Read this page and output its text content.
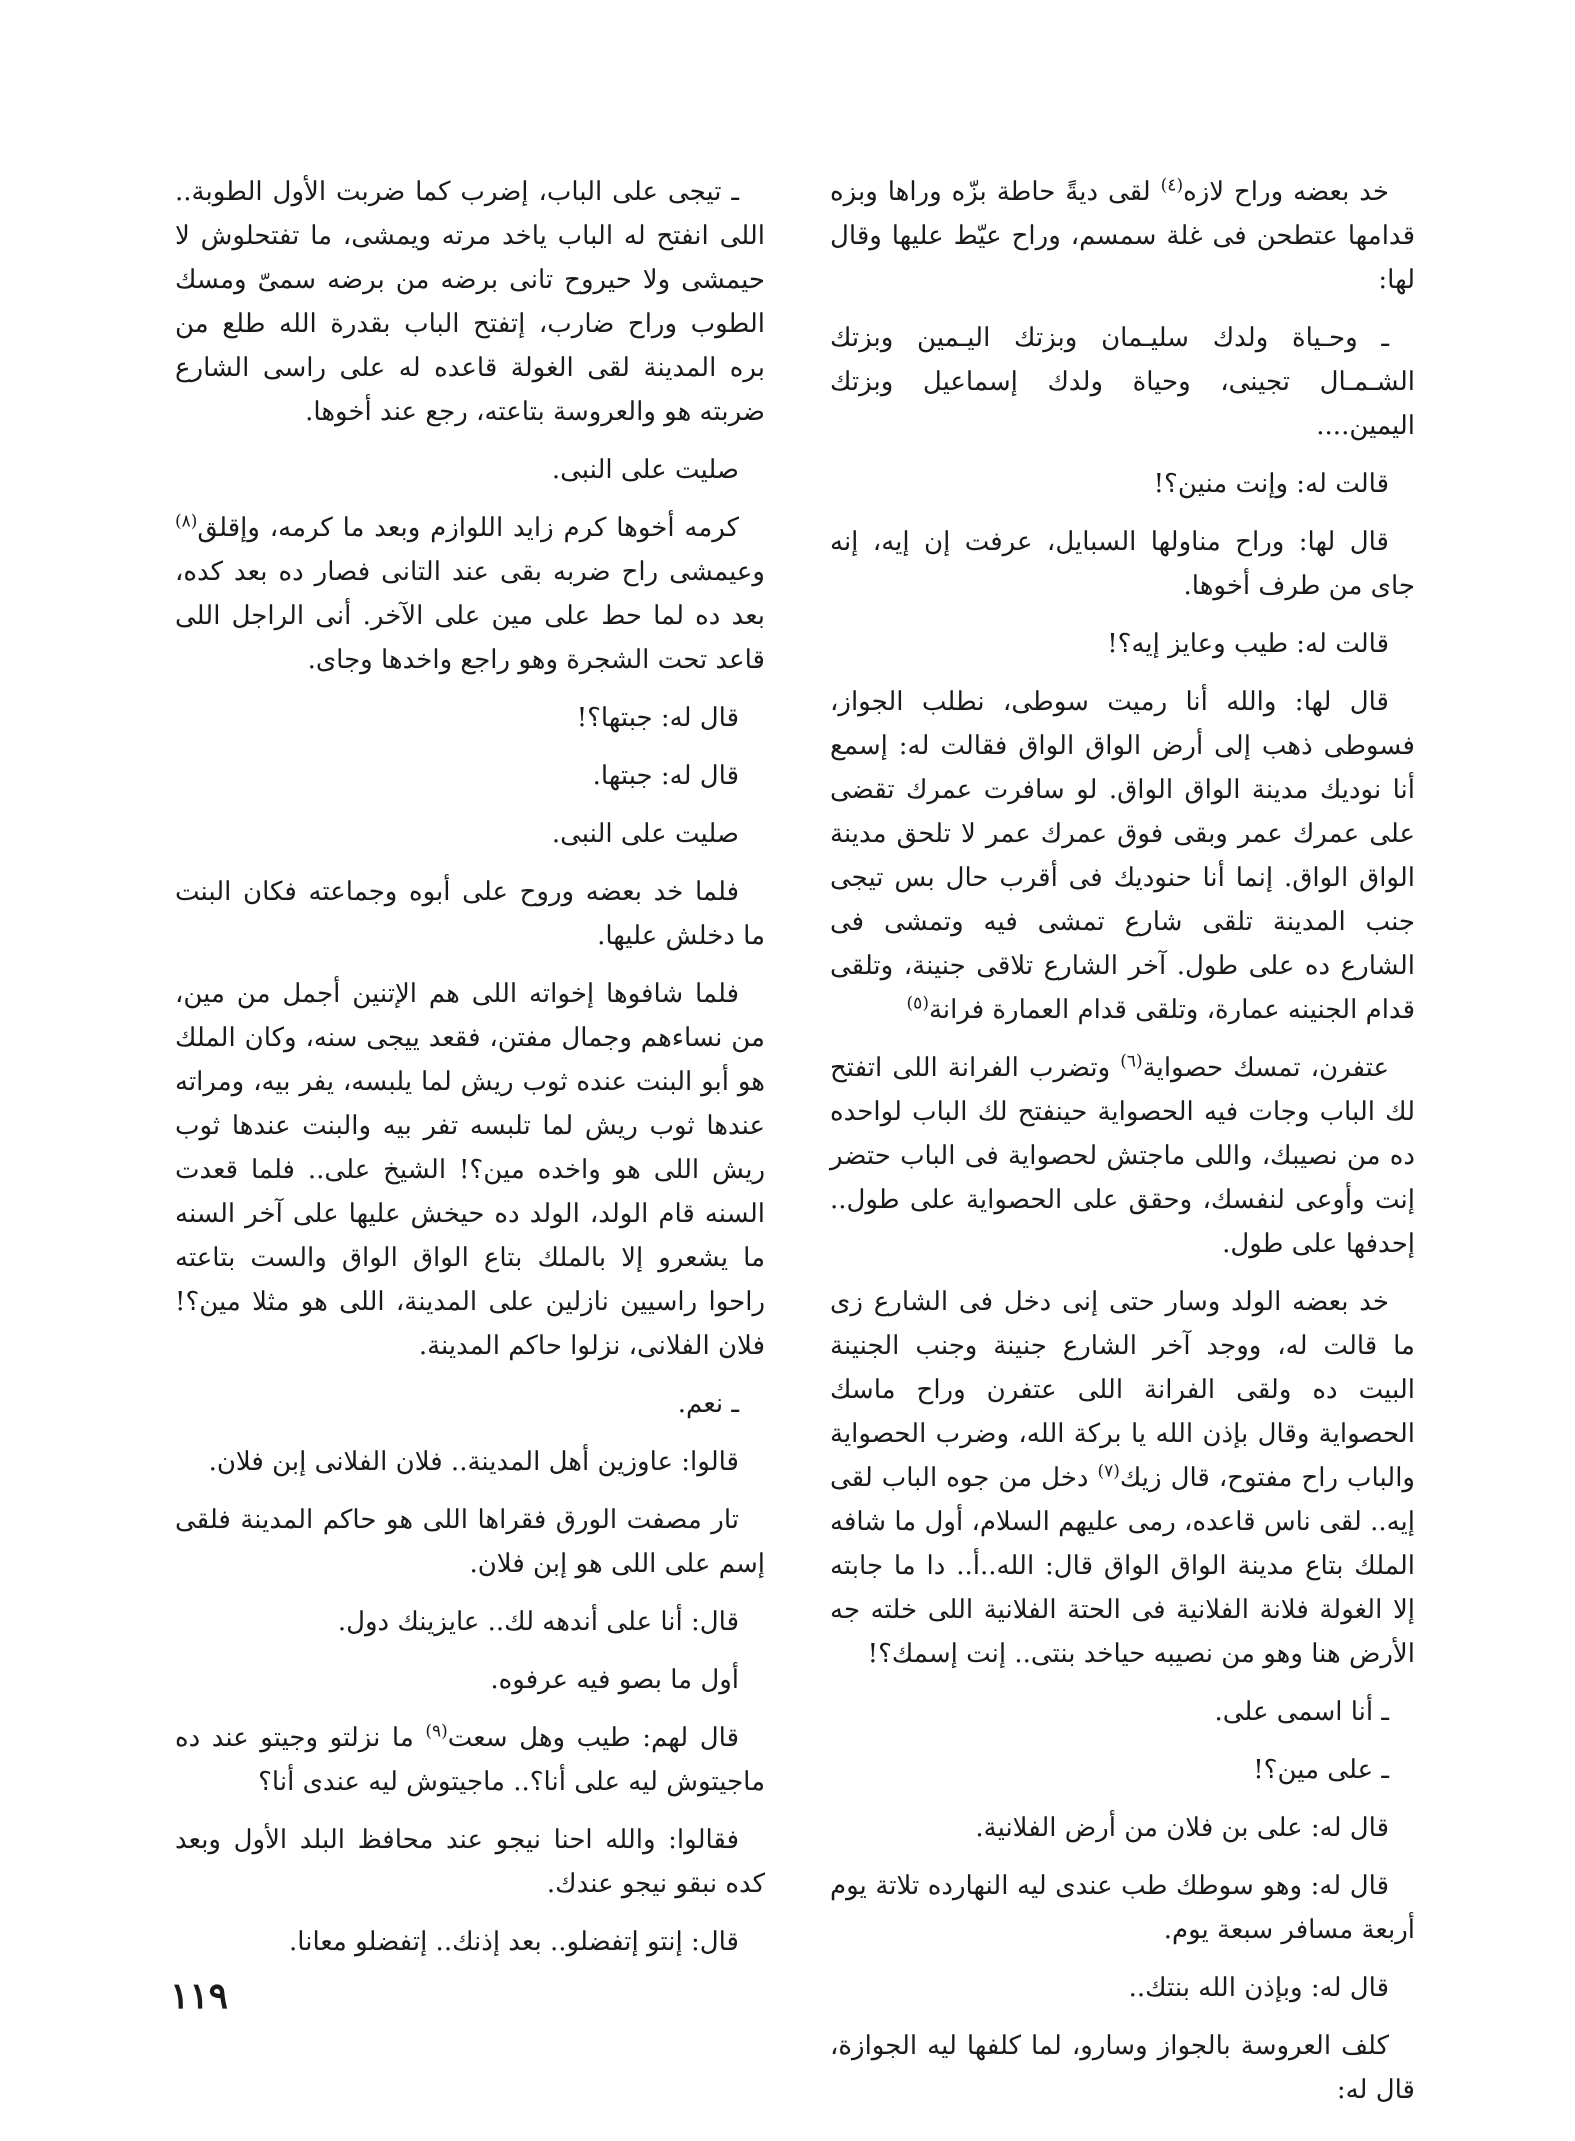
خد بعضه وراح لازه$^{(٤)}$ لقى ديةً حاطة بزّه وراها وبزه قدامها عتطحن فى غلة سمسم، وراح عيّط عليها وقال لها:

ـ وحـياة ولدك سليـمان وبزتك اليـمين وبزتك الشـمـال تجينى، وحياة ولدك إسماعيل وبزتك اليمين....

قالت له: وإنت منين؟!

قال لها: وراح مناولها السبايل، عرفت إن إيه، إنه جاى من طرف أخوها.

قالت له: طيب وعايز إيه؟!

قال لها: والله أنا رميت سوطى، نطلب الجواز، فسوطى ذهب إلى أرض الواق الواق فقالت له: إسمع أنا نوديك مدينة الواق الواق. لو سافرت عمرك تقضى على عمرك عمر وبقى فوق عمرك عمر لا تلحق مدينة الواق الواق. إنما أنا حنوديك فى أقرب حال بس تيجى جنب المدينة تلقى شارع تمشى فيه وتمشى فى الشارع ده على طول. آخر الشارع تلاقى جنينة، وتلقى قدام الجنينه عمارة، وتلقى قدام العمارة فرانة$^{(٥)}$

عتفرن، تمسك حصواية$^{(٦)}$ وتضرب الفرانة اللى اتفتح لك الباب وجات فيه الحصواية حينفتح لك الباب لواحده ده من نصيبك، واللى ماجتش لحصواية فى الباب حتضر إنت وأوعى لنفسك، وحقق على الحصواية على طول.. إحدفها على طول.

خد بعضه الولد وسار حتى إنى دخل فى الشارع زى ما قالت له، ووجد آخر الشارع جنينة وجنب الجنينة البيت ده ولقى الفرانة اللى عتفرن وراح ماسك الحصواية وقال بإذن الله يا بركة الله، وضرب الحصواية والباب راح مفتوح، قال زيك$^{(٧)}$ دخل من جوه الباب لقى إيه.. لقى ناس قاعده، رمى عليهم السلام، أول ما شافه الملك بتاع مدينة الواق الواق قال: الله..أ.. دا ما جابته إلا الغولة فلانة الفلانية فى الحتة الفلانية اللى خلته جه الأرض هنا وهو من نصيبه حياخد بنتى.. إنت إسمك؟!

ـ أنا اسمى على.

ـ على مين؟!

قال له: على بن فلان من أرض الفلانية.

قال له: وهو سوطك طب عندى ليه النهارده تلاتة يوم أربعة مسافر سبعة يوم.

قال له: وبإذن الله بنتك..

كلف العروسة بالجواز وسارو، لما كلفها ليه الجوازة، قال له:

ـ تيجى على الباب، إضرب كما ضربت الأول الطوبة.. اللى انفتح له الباب ياخد مرته ويمشى، ما تفتحلوش لا حيمشى ولا حيروح تانى برضه من برضه سمىّ ومسك الطوب وراح ضارب، إتفتح الباب بقدرة الله طلع من بره المدينة لقى الغولة قاعده له على راسى الشارع ضربته هو والعروسة بتاعته، رجع عند أخوها.

صليت على النبى.

كرمه أخوها كرم زايد اللوازم وبعد ما كرمه، وإقلق$^{(٨)}$ وعيمشى راح ضربه بقى عند التانى فصار ده بعد كده، بعد ده لما حط على مين على الآخر. أنى الراجل اللى قاعد تحت الشجرة وهو راجع واخدها وجاى.

قال له: جبتها؟!

قال له: جبتها.

صليت على النبى.

فلما خد بعضه وروح على أبوه وجماعته فكان البنت ما دخلش عليها.

فلما شافوها إخواته اللى هم الإتنين أجمل من مين، من نساءهم وجمال مفتن، فقعد ييجى سنه، وكان الملك هو أبو البنت عنده ثوب ريش لما يلبسه، يفر بيه، ومراته عندها ثوب ريش لما تلبسه تفر بيه والبنت عندها ثوب ريش اللى هو واخده مين؟! الشيخ على.. فلما قعدت السنه قام الولد، الولد ده حيخش عليها على آخر السنه ما يشعرو إلا بالملك بتاع الواق الواق والست بتاعته راحوا راسيين نازلين على المدينة، اللى هو مثلا مين؟! فلان الفلانى، نزلوا حاكم المدينة.

ـ نعم.

قالوا: عاوزين أهل المدينة.. فلان الفلانى إبن فلان.

تار مصفت الورق فقراها اللى هو حاكم المدينة فلقى إسم على اللى هو إبن فلان.

قال: أنا على أندهه لك.. عايزينك دول.

أول ما بصو فيه عرفوه.

قال لهم: طيب وهل سعت$^{(٩)}$ ما نزلتو وجيتو عند ده ماجيتوش ليه على أنا؟.. ماجيتوش ليه عندى أنا؟

فقالوا: والله احنا نيجو عند محافظ البلد الأول وبعد كده نبقو نيجو عندك.

قال: إنتو إتفضلو.. بعد إذنك.. إتفضلو معانا.

١١٩
